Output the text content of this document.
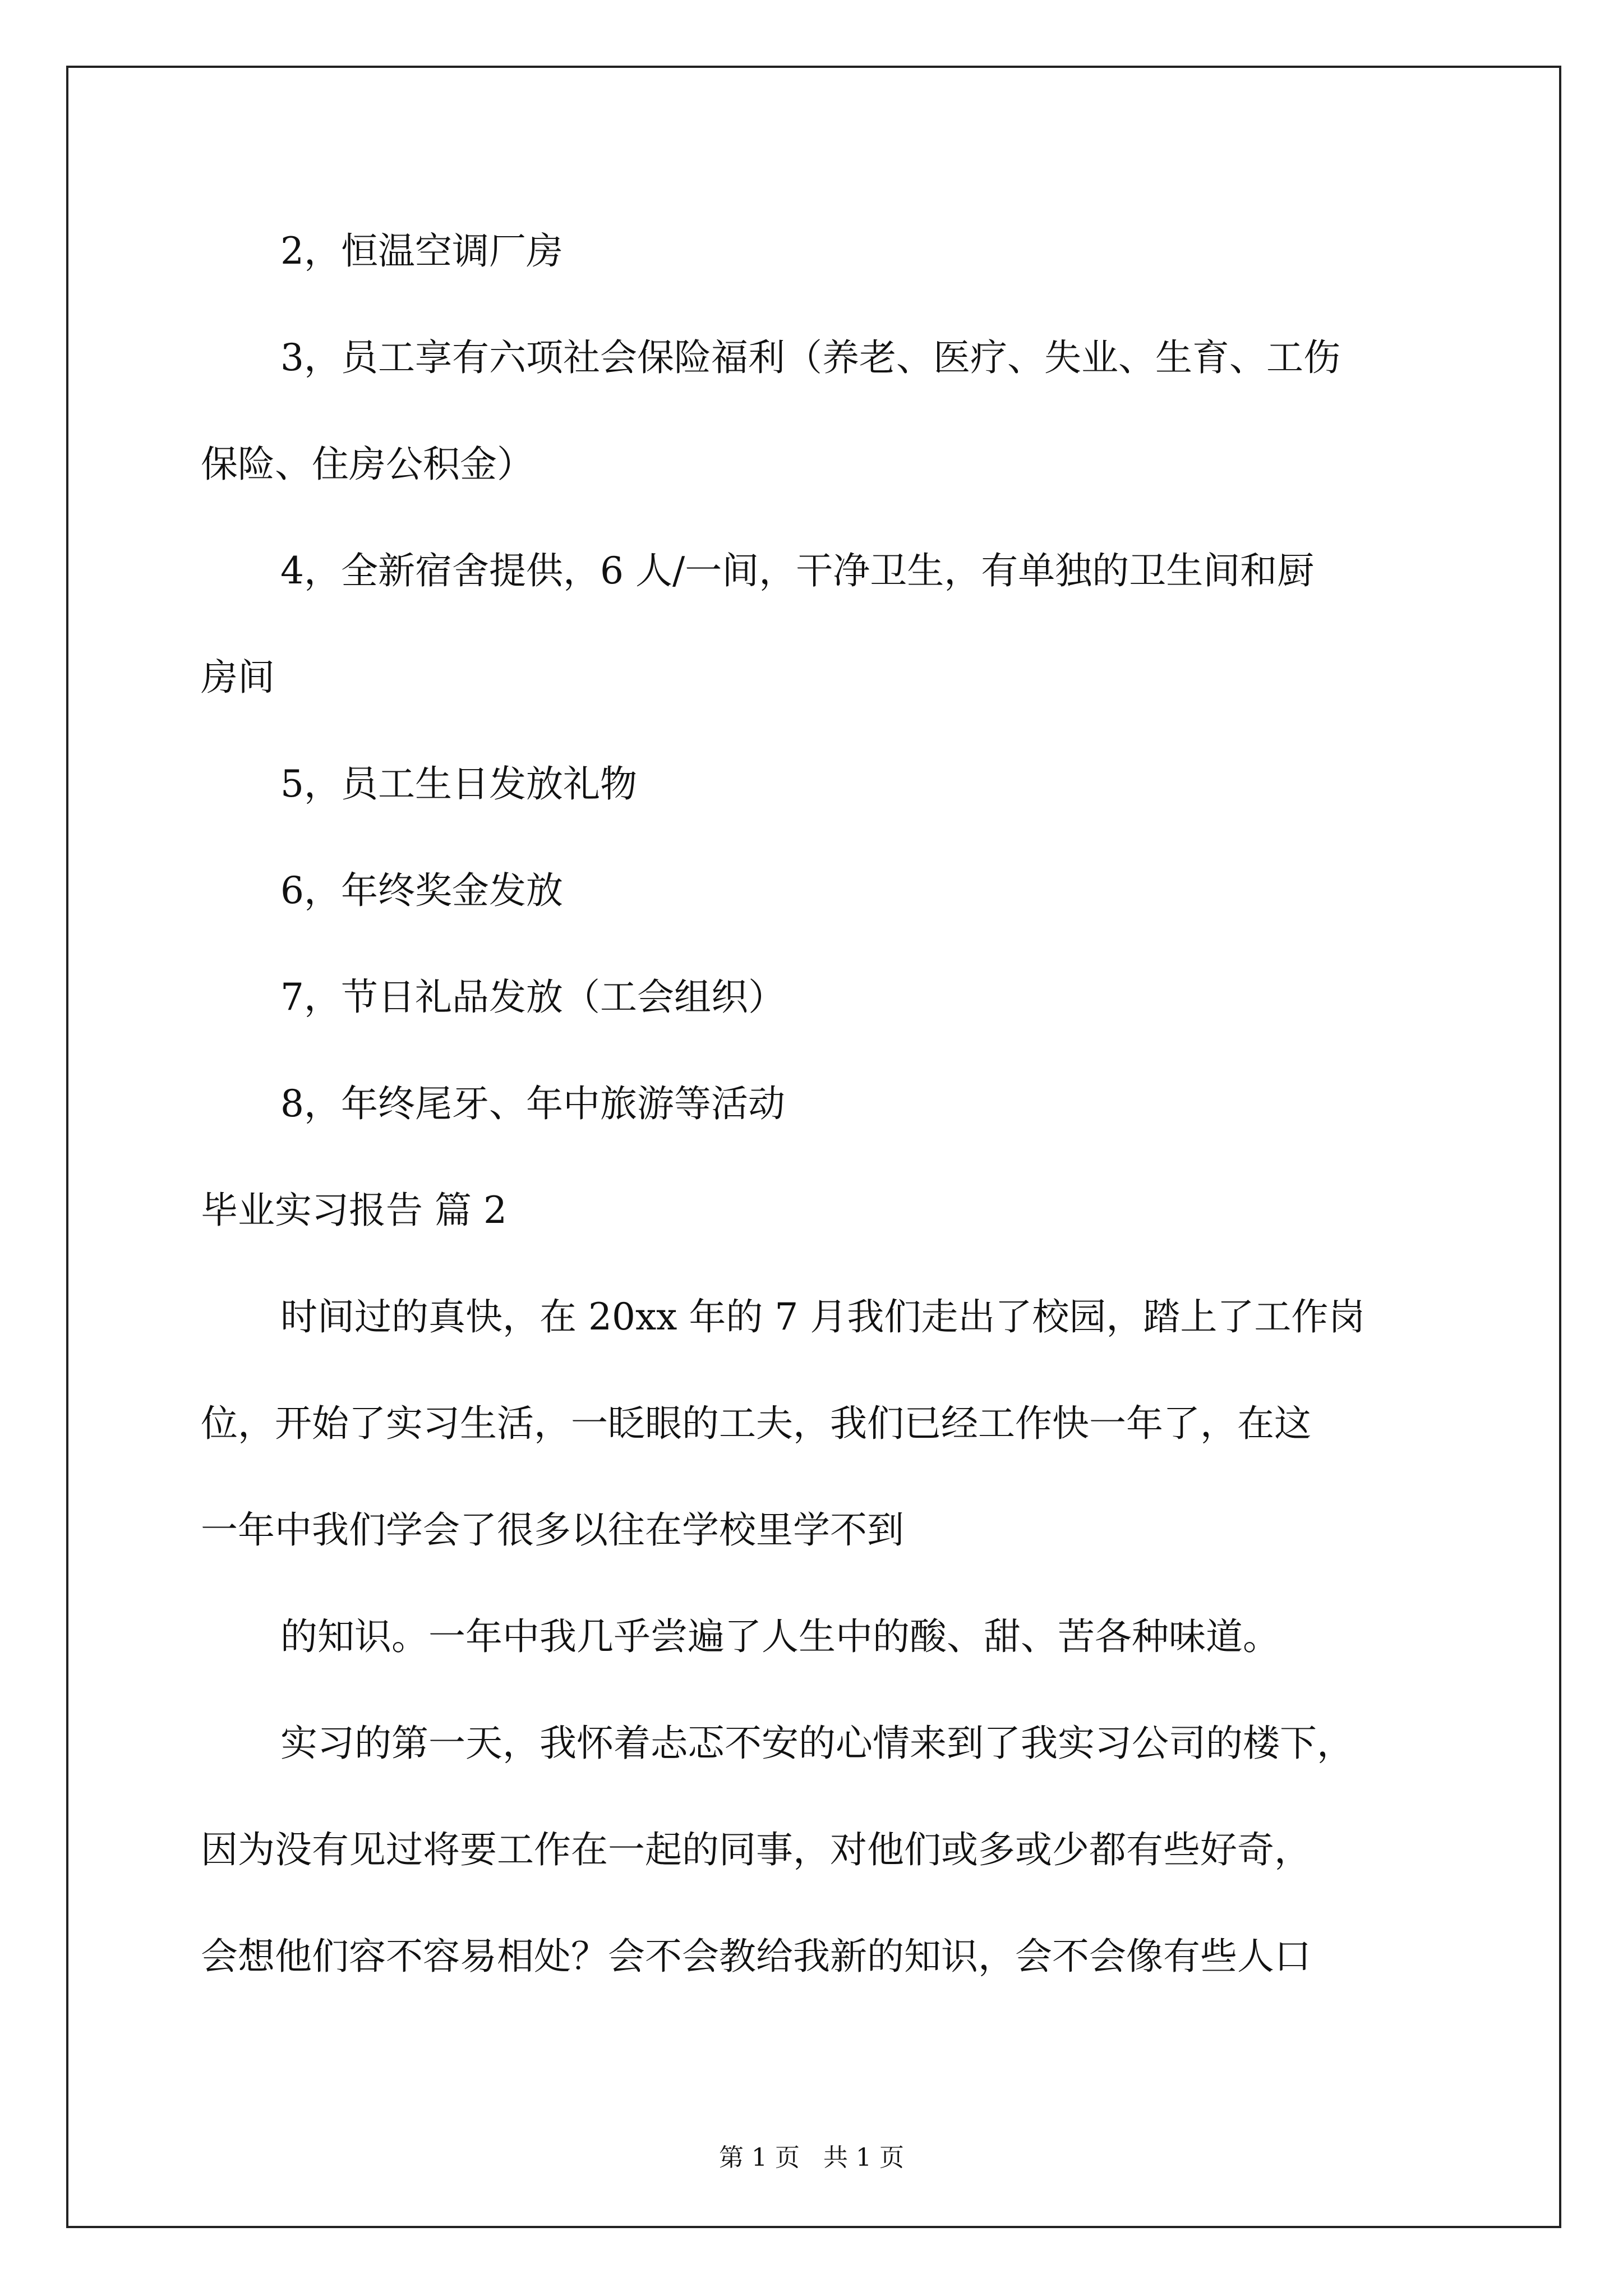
2，恒温空调厂房
3，员工享有六项社会保险福利（养老、医疗、失业、生育、工伤
保险、住房公积金）
4，全新宿舍提供，6 人/一间，干净卫生，有单独的卫生间和厨
房间
5，员工生日发放礼物
6，年终奖金发放
7，节日礼品发放（工会组织）
8，年终尾牙、年中旅游等活动
毕业实习报告 篇 2
时间过的真快，在 20xx 年的 7 月我们走出了校园，踏上了工作岗
位，开始了实习生活，一眨眼的工夫，我们已经工作快一年了，在这
一年中我们学会了很多以往在学校里学不到
的知识。一年中我几乎尝遍了人生中的酸、甜、苦各种味道。
实习的第一天，我怀着忐忑不安的心情来到了我实习公司的楼下，
因为没有见过将要工作在一起的同事，对他们或多或少都有些好奇，
会想他们容不容易相处？会不会教给我新的知识，会不会像有些人口
第 1 页   共 1 页
